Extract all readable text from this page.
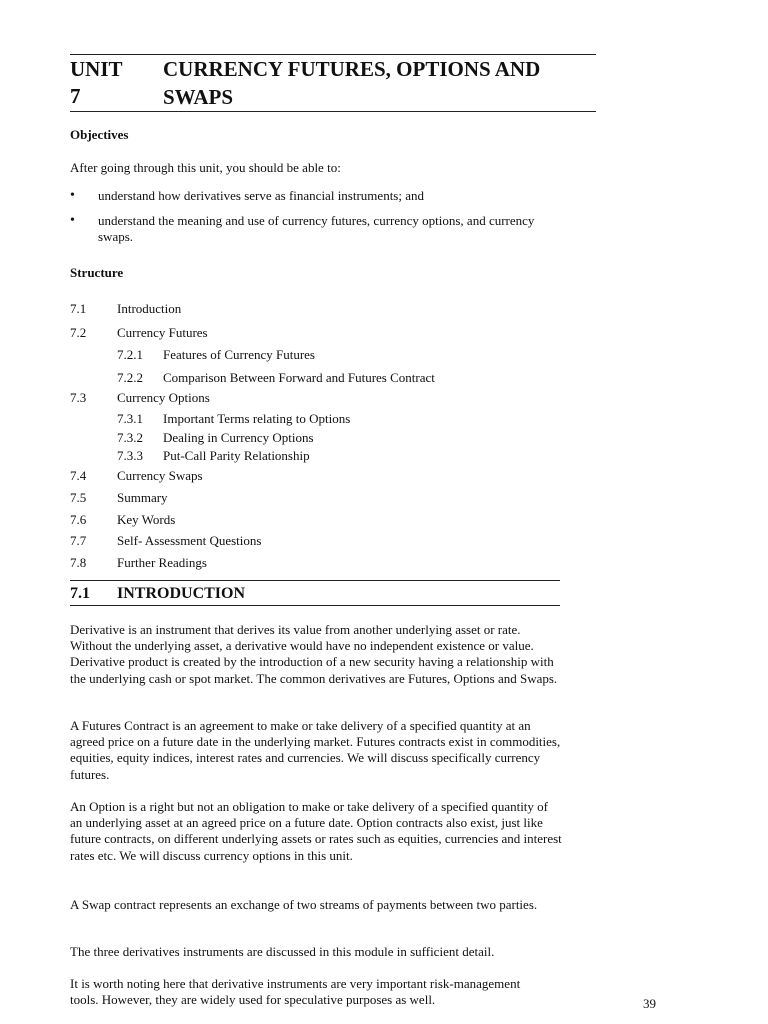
UNIT 7
CURRENCY FUTURES, OPTIONS AND
SWAPS
Objectives
After going through this unit, you should be able to:
• understand how derivatives serve as financial instruments; and
• understand the meaning and use of currency futures, currency options, and currency swaps.
Structure
7.1 Introduction
7.2 Currency Futures
7.2.1 Features of Currency Futures
7.2.2 Comparison Between Forward and Futures Contract
7.3 Currency Options
7.3.1 Important Terms relating to Options
7.3.2 Dealing in Currency Options
7.3.3 Put-Call Parity Relationship
7.4 Currency Swaps
7.5 Summary
7.6 Key Words
7.7 Self- Assessment Questions
7.8 Further Readings
7.1 INTRODUCTION

Derivative is an instrument that derives its value from another underlying asset or rate. Without the underlying asset, a derivative would have no independent existence or value. Derivative product is created by the introduction of a new security having a relationship with the underlying cash or spot market. The common derivatives are Futures, Options and Swaps.

A Futures Contract is an agreement to make or take delivery of a specified quantity at an agreed price on a future date in the underlying market. Futures contracts exist in commodities, equities, equity indices, interest rates and currencies. We will discuss specifically currency futures.

An Option is a right but not an obligation to make or take delivery of a specified quantity of an underlying asset at an agreed price on a future date. Option contracts also exist, just like future contracts, on different underlying assets or rates such as equities, currencies and interest rates etc. We will discuss currency options in this unit.

A Swap contract represents an exchange of two streams of payments between two parties.

The three derivatives instruments are discussed in this module in sufficient detail.

It is worth noting here that derivative instruments are very important risk-management tools. However, they are widely used for speculative purposes as well.	39
